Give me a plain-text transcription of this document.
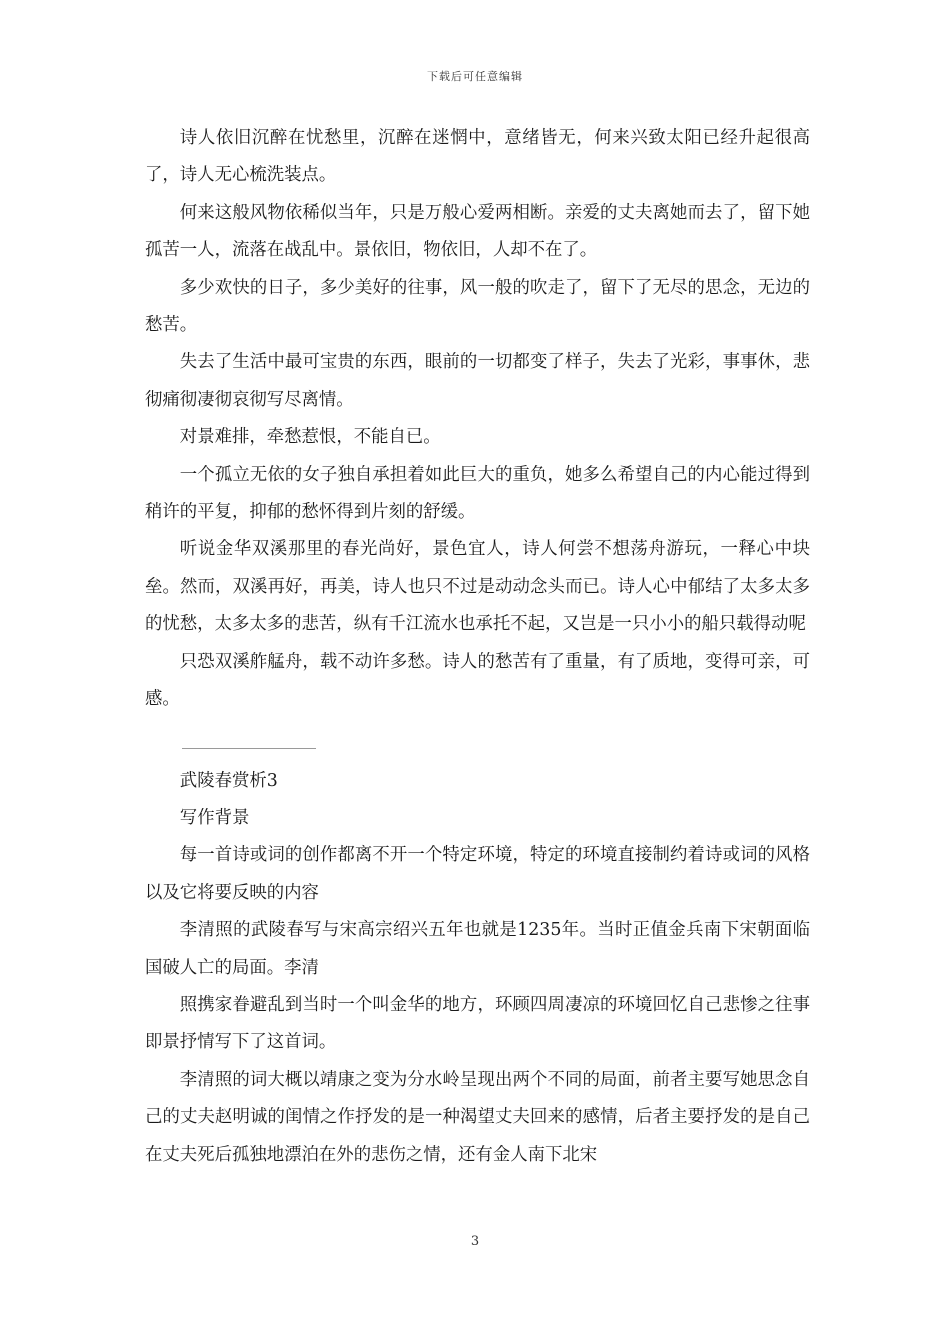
下载后可任意编辑

诗人依旧沉醉在忧愁里，沉醉在迷惘中，意绪皆无，何来兴致太阳已经升起很高了，诗人无心梳洗装点。

何来这般风物依稀似当年，只是万般心爱两相断。亲爱的丈夫离她而去了，留下她孤苦一人，流落在战乱中。景依旧，物依旧，人却不在了。

多少欢快的日子，多少美好的往事，风一般的吹走了，留下了无尽的思念，无边的愁苦。

失去了生活中最可宝贵的东西，眼前的一切都变了样子，失去了光彩，事事休，悲彻痛彻凄彻哀彻写尽离情。

对景难排，牵愁惹恨，不能自已。

一个孤立无依的女子独自承担着如此巨大的重负，她多么希望自己的内心能过得到稍许的平复，抑郁的愁怀得到片刻的舒缓。

听说金华双溪那里的春光尚好，景色宜人，诗人何尝不想荡舟游玩，一释心中块垒。然而，双溪再好，再美，诗人也只不过是动动念头而已。诗人心中郁结了太多太多的忧愁，太多太多的悲苦，纵有千江流水也承托不起，又岂是一只小小的船只载得动呢

只恐双溪舴艋舟，载不动许多愁。诗人的愁苦有了重量，有了质地，变得可亲，可感。

武陵春赏析3

写作背景

每一首诗或词的创作都离不开一个特定环境，特定的环境直接制约着诗或词的风格以及它将要反映的内容

李清照的武陵春写与宋高宗绍兴五年也就是1235年。当时正值金兵南下宋朝面临国破人亡的局面。李清

照携家眷避乱到当时一个叫金华的地方，环顾四周凄凉的环境回忆自己悲惨之往事即景抒情写下了这首词。

李清照的词大概以靖康之变为分水岭呈现出两个不同的局面，前者主要写她思念自己的丈夫赵明诚的闺情之作抒发的是一种渴望丈夫回来的感情，后者主要抒发的是自己在丈夫死后孤独地漂泊在外的悲伤之情，还有金人南下北宋

3
